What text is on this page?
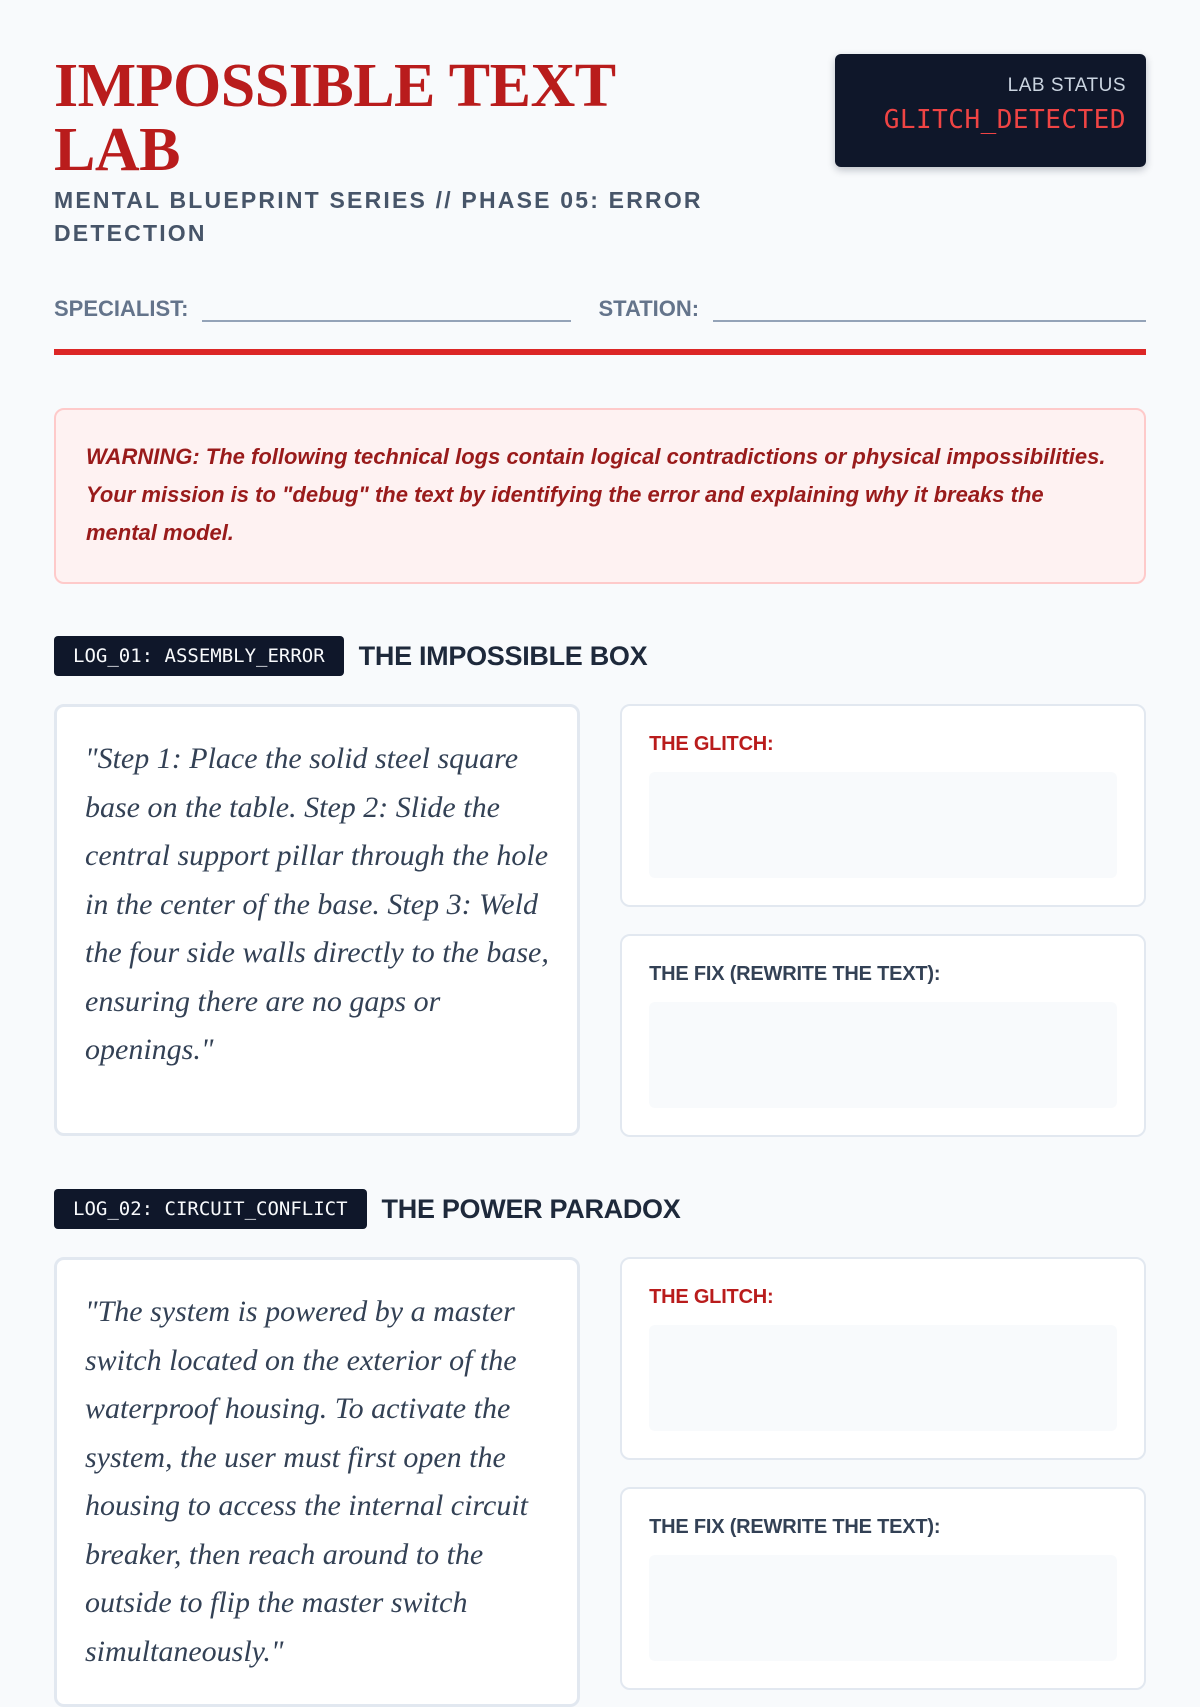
IMPOSSIBLE TEXT LAB
MENTAL BLUEPRINT SERIES // PHASE 05: ERROR DETECTION
LAB STATUS
GLITCH_DETECTED
SPECIALIST:	STATION:
WARNING: The following technical logs contain logical contradictions or physical impossibilities. Your mission is to "debug" the text by identifying the error and explaining why it breaks the mental model.
LOG_01: ASSEMBLY_ERROR	THE IMPOSSIBLE BOX
"Step 1: Place the solid steel square base on the table. Step 2: Slide the central support pillar through the hole in the center of the base. Step 3: Weld the four side walls directly to the base, ensuring there are no gaps or openings."
THE GLITCH:
THE FIX (REWRITE THE TEXT):
LOG_02: CIRCUIT_CONFLICT	THE POWER PARADOX
"The system is powered by a master switch located on the exterior of the waterproof housing. To activate the system, the user must first open the housing to access the internal circuit breaker, then reach around to the outside to flip the master switch simultaneously."
THE GLITCH:
THE FIX (REWRITE THE TEXT):
